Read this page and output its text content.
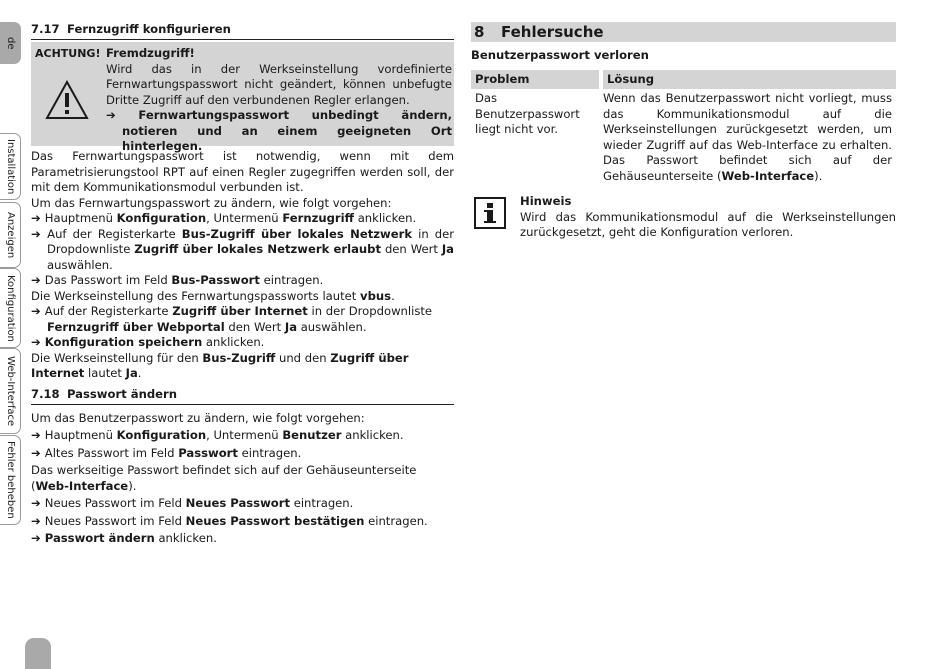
de
Installation
Anzeigen
Konfiguration
Web-Interface
Fehler beheben
7.17 Fernzugriff konfigurieren
ACHTUNG! Fremdzugriff!

Wird das in der Werkseinstellung vordefinierte Fernwartungspasswort nicht geändert, können unbefugte Dritte Zugriff auf den verbundenen Regler erlangen.

➔ Fernwartungspasswort unbedingt ändern, notieren und an einem geeigneten Ort hinterlegen.

Das Fernwartungspasswort ist notwendig, wenn mit dem Parametrisierungstool RPT auf einen Regler zugegriffen werden soll, der mit dem Kommunikationsmodul verbunden ist.

Um das Fernwartungspasswort zu ändern, wie folgt vorgehen:

➔ Hauptmenü Konfiguration, Untermenü Fernzugriff anklicken.

➔ Auf der Registerkarte Bus-Zugriff über lokales Netzwerk in der Dropdownliste Zugriff über lokales Netzwerk erlaubt den Wert Ja auswählen.

➔ Das Passwort im Feld Bus-Passwort eintragen.

Die Werkseinstellung des Fernwartungspassworts lautet vbus.

➔ Auf der Registerkarte Zugriff über Internet in der Dropdownliste Fernzugriff über Webportal den Wert Ja auswählen.

➔ Konfiguration speichern anklicken.

Die Werkseinstellung für den Bus-Zugriff und den Zugriff über Internet lautet Ja.

7.18 Passwort ändern

Um das Benutzerpasswort zu ändern, wie folgt vorgehen:

➔ Hauptmenü Konfiguration, Untermenü Benutzer anklicken.

➔ Altes Passwort im Feld Passwort eintragen.

Das werkseitige Passwort befindet sich auf der Gehäuseunterseite (Web-Interface).

➔ Neues Passwort im Feld Neues Passwort eintragen.

➔ Neues Passwort im Feld Neues Passwort bestätigen eintragen.

➔ Passwort ändern anklicken.

8 Fehlersuche
Benutzerpasswort verloren
Problem	Lösung
Das Benutzerpasswort liegt nicht vor.	Wenn das Benutzerpasswort nicht vorliegt, muss das Kommunikationsmodul auf die Werkseinstellungen zurückgesetzt werden, um wieder Zugriff auf das Web-Interface zu erhalten. Das Passwort befindet sich auf der Gehäuseunterseite (Web-Interface).

Hinweis

Wird das Kommunikationsmodul auf die Werkseinstellungen zurückgesetzt, geht die Konfiguration verloren.
